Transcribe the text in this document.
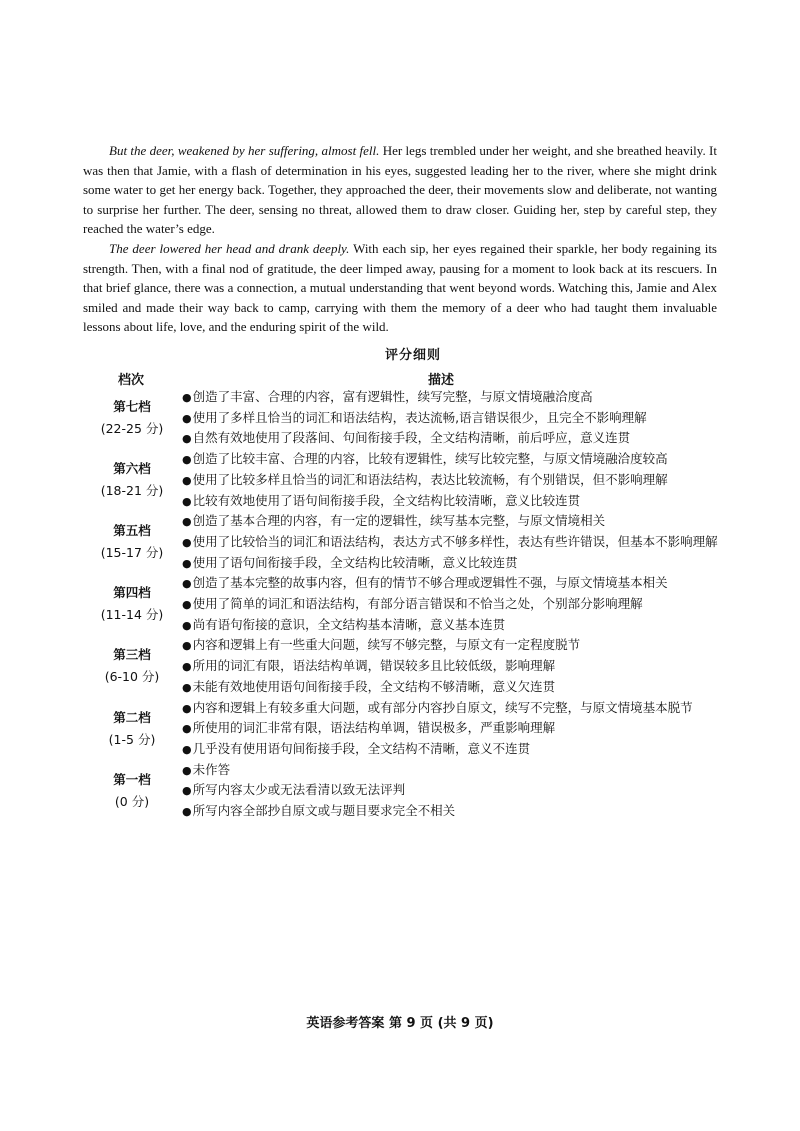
But the deer, weakened by her suffering, almost fell. Her legs trembled under her weight, and she breathed heavily. It was then that Jamie, with a flash of determination in his eyes, suggested leading her to the river, where she might drink some water to get her energy back. Together, they approached the deer, their movements slow and deliberate, not wanting to surprise her further. The deer, sensing no threat, allowed them to draw closer. Guiding her, step by careful step, they reached the water’s edge.

The deer lowered her head and drank deeply. With each sip, her eyes regained their sparkle, her body regaining its strength. Then, with a final nod of gratitude, the deer limped away, pausing for a moment to look back at its rescuers. In that brief glance, there was a connection, a mutual understanding that went beyond words. Watching this, Jamie and Alex smiled and made their way back to camp, carrying with them the memory of a deer who had taught them invaluable lessons about life, love, and the enduring spirit of the wild.

评分细则
档次	描述
第七档
(22-25 分)
●创造了丰富、合理的内容，富有逻辑性，续写完整，与原文情境融洽度高
●使用了多样且恰当的词汇和语法结构，表达流畅,语言错误很少，且完全不影响理解
●自然有效地使用了段落间、句间衔接手段，全文结构清晰，前后呼应，意义连贯
第六档
(18-21 分)
●创造了比较丰富、合理的内容，比较有逻辑性，续写比较完整，与原文情境融洽度较高
●使用了比较多样且恰当的词汇和语法结构，表达比较流畅，有个别错误，但不影响理解
●比较有效地使用了语句间衔接手段，全文结构比较清晰，意义比较连贯
第五档
(15-17 分)
●创造了基本合理的内容，有一定的逻辑性，续写基本完整，与原文情境相关
●使用了比较恰当的词汇和语法结构，表达方式不够多样性，表达有些许错误，但基本不影响理解
●使用了语句间衔接手段，全文结构比较清晰，意义比较连贯
第四档
(11-14 分)
●创造了基本完整的故事内容，但有的情节不够合理或逻辑性不强，与原文情境基本相关
●使用了简单的词汇和语法结构，有部分语言错误和不恰当之处，个别部分影响理解
●尚有语句衔接的意识，全文结构基本清晰，意义基本连贯
第三档
(6-10 分)
●内容和逻辑上有一些重大问题，续写不够完整，与原文有一定程度脱节
●所用的词汇有限，语法结构单调，错误较多且比较低级，影响理解
●未能有效地使用语句间衔接手段，全文结构不够清晰，意义欠连贯
第二档
(1-5 分)
●内容和逻辑上有较多重大问题，或有部分内容抄自原文，续写不完整，与原文情境基本脱节
●所使用的词汇非常有限，语法结构单调，错误极多，严重影响理解
●几乎没有使用语句间衔接手段，全文结构不清晰，意义不连贯
第一档
(0 分)
●未作答
●所写内容太少或无法看清以致无法评判
●所写内容全部抄自原文或与题目要求完全不相关
英语参考答案 第 9 页 (共 9 页)
